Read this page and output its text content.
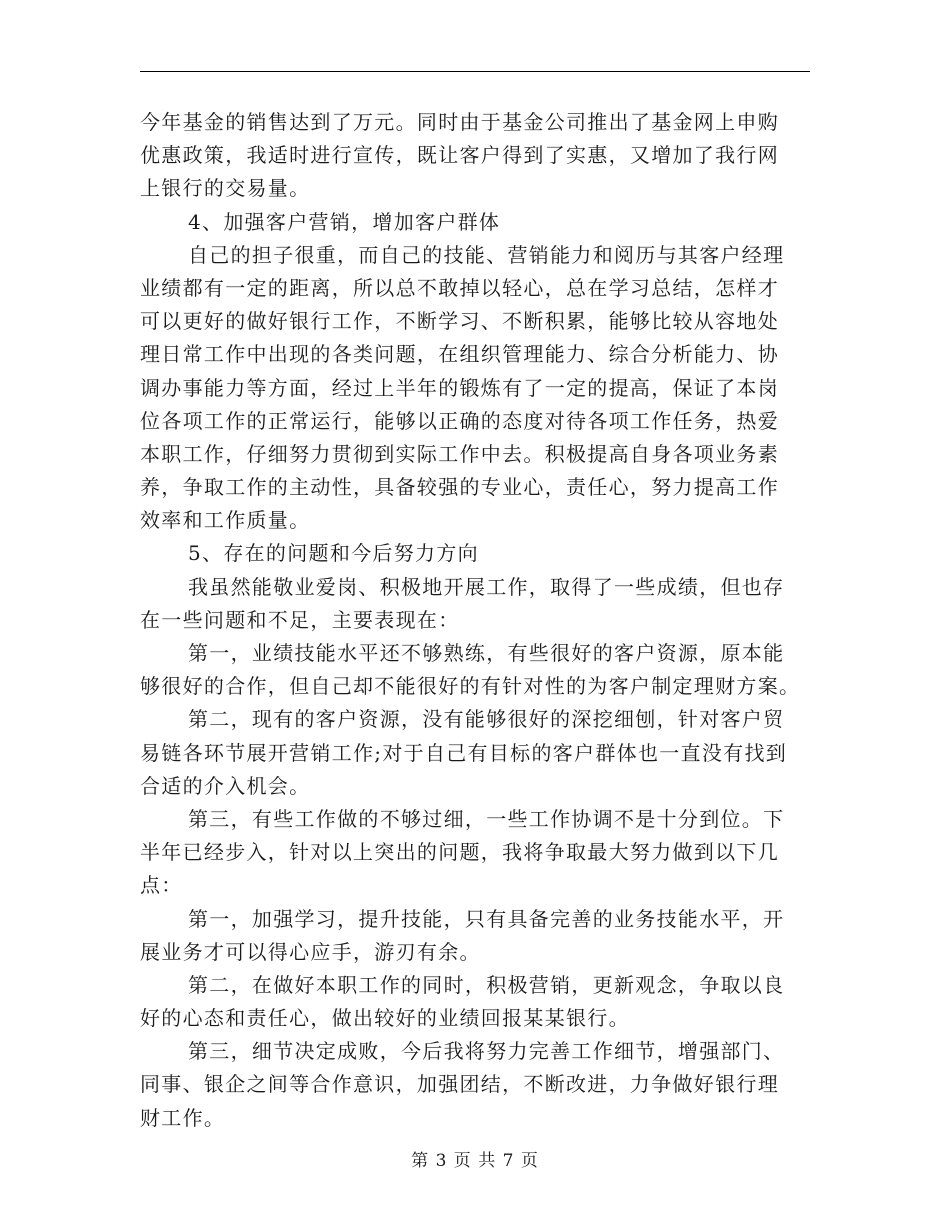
今年基金的销售达到了万元。同时由于基金公司推出了基金网上申购
优惠政策，我适时进行宣传，既让客户得到了实惠，又增加了我行网
上银行的交易量。
4、加强客户营销，增加客户群体
自己的担子很重，而自己的技能、营销能力和阅历与其客户经理
业绩都有一定的距离，所以总不敢掉以轻心，总在学习总结，怎样才
可以更好的做好银行工作，不断学习、不断积累，能够比较从容地处
理日常工作中出现的各类问题，在组织管理能力、综合分析能力、协
调办事能力等方面，经过上半年的锻炼有了一定的提高，保证了本岗
位各项工作的正常运行，能够以正确的态度对待各项工作任务，热爱
本职工作，仔细努力贯彻到实际工作中去。积极提高自身各项业务素
养，争取工作的主动性，具备较强的专业心，责任心，努力提高工作
效率和工作质量。
5、存在的问题和今后努力方向
我虽然能敬业爱岗、积极地开展工作，取得了一些成绩，但也存
在一些问题和不足，主要表现在：
第一，业绩技能水平还不够熟练，有些很好的客户资源，原本能
够很好的合作，但自己却不能很好的有针对性的为客户制定理财方案。
第二，现有的客户资源，没有能够很好的深挖细刨，针对客户贸
易链各环节展开营销工作;对于自己有目标的客户群体也一直没有找到
合适的介入机会。
第三，有些工作做的不够过细，一些工作协调不是十分到位。下
半年已经步入，针对以上突出的问题，我将争取最大努力做到以下几
点：
第一，加强学习，提升技能，只有具备完善的业务技能水平，开
展业务才可以得心应手，游刃有余。
第二，在做好本职工作的同时，积极营销，更新观念，争取以良
好的心态和责任心，做出较好的业绩回报某某银行。
第三，细节决定成败，今后我将努力完善工作细节，增强部门、
同事、银企之间等合作意识，加强团结，不断改进，力争做好银行理
财工作。
第 3 页 共 7 页
